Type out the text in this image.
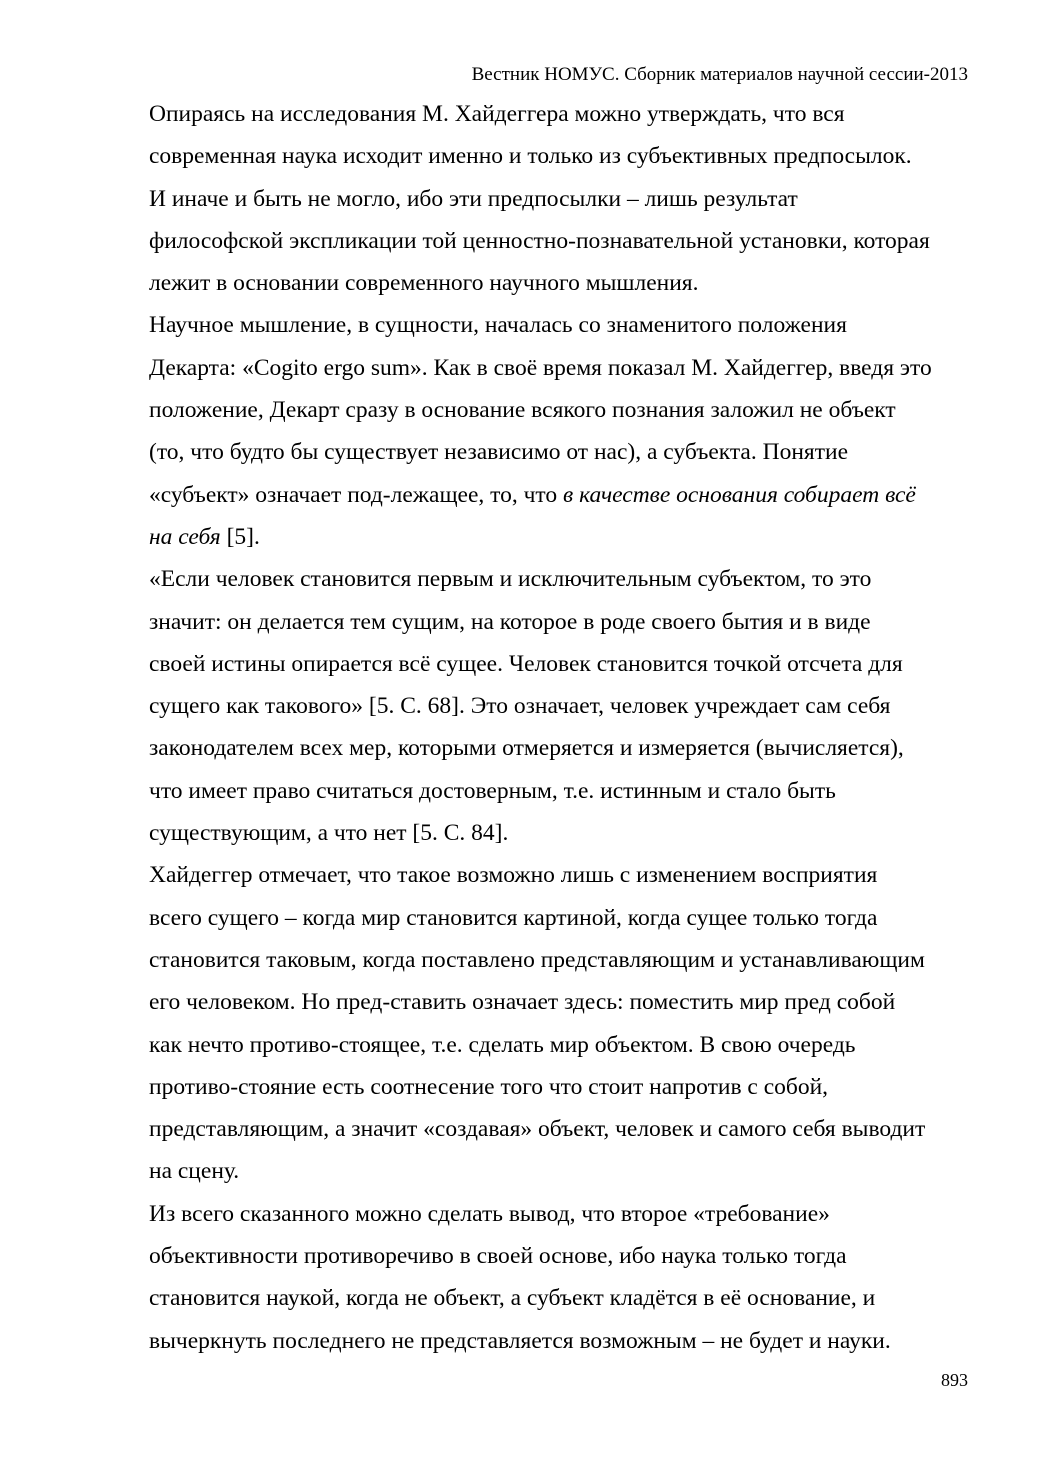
Вестник НОМУС. Сборник материалов научной сессии-2013
Опираясь на исследования М. Хайдеггера можно утверждать, что вся
современная наука исходит именно и только из субъективных предпосылок.
И иначе и быть не могло, ибо эти предпосылки – лишь результат
философской экспликации той ценностно-познавательной установки, которая
лежит в основании современного научного мышления.
Научное мышление, в сущности, началась со знаменитого положения
Декарта: «Cogito ergo sum». Как в своё время показал М. Хайдеггер, введя это
положение, Декарт сразу в основание всякого познания заложил не объект
(то, что будто бы существует независимо от нас), а субъекта. Понятие
«субъект» означает под-лежащее, то, что в качестве основания собирает всё
на себя [5].
«Если человек становится первым и исключительным субъектом, то это
значит: он делается тем сущим, на которое в роде своего бытия и в виде
своей истины опирается всё сущее. Человек становится точкой отсчета для
сущего как такового» [5. С. 68]. Это означает, человек учреждает сам себя
законодателем всех мер, которыми отмеряется и измеряется (вычисляется),
что имеет право считаться достоверным, т.е. истинным и стало быть
существующим, а что нет [5. С. 84].
Хайдеггер отмечает, что такое возможно лишь с изменением восприятия
всего сущего – когда мир становится картиной, когда сущее только тогда
становится таковым, когда поставлено представляющим и устанавливающим
его человеком. Но пред-ставить означает здесь: поместить мир пред собой
как нечто противо-стоящее, т.е. сделать мир объектом. В свою очередь
противо-стояние есть соотнесение того что стоит напротив с собой,
представляющим, а значит «создавая» объект, человек и самого себя выводит
на сцену.
Из всего сказанного можно сделать вывод, что второе «требование»
объективности противоречиво в своей основе, ибо наука только тогда
становится наукой, когда не объект, а субъект кладётся в её основание, и
вычеркнуть последнего не представляется возможным – не будет и науки.
893
